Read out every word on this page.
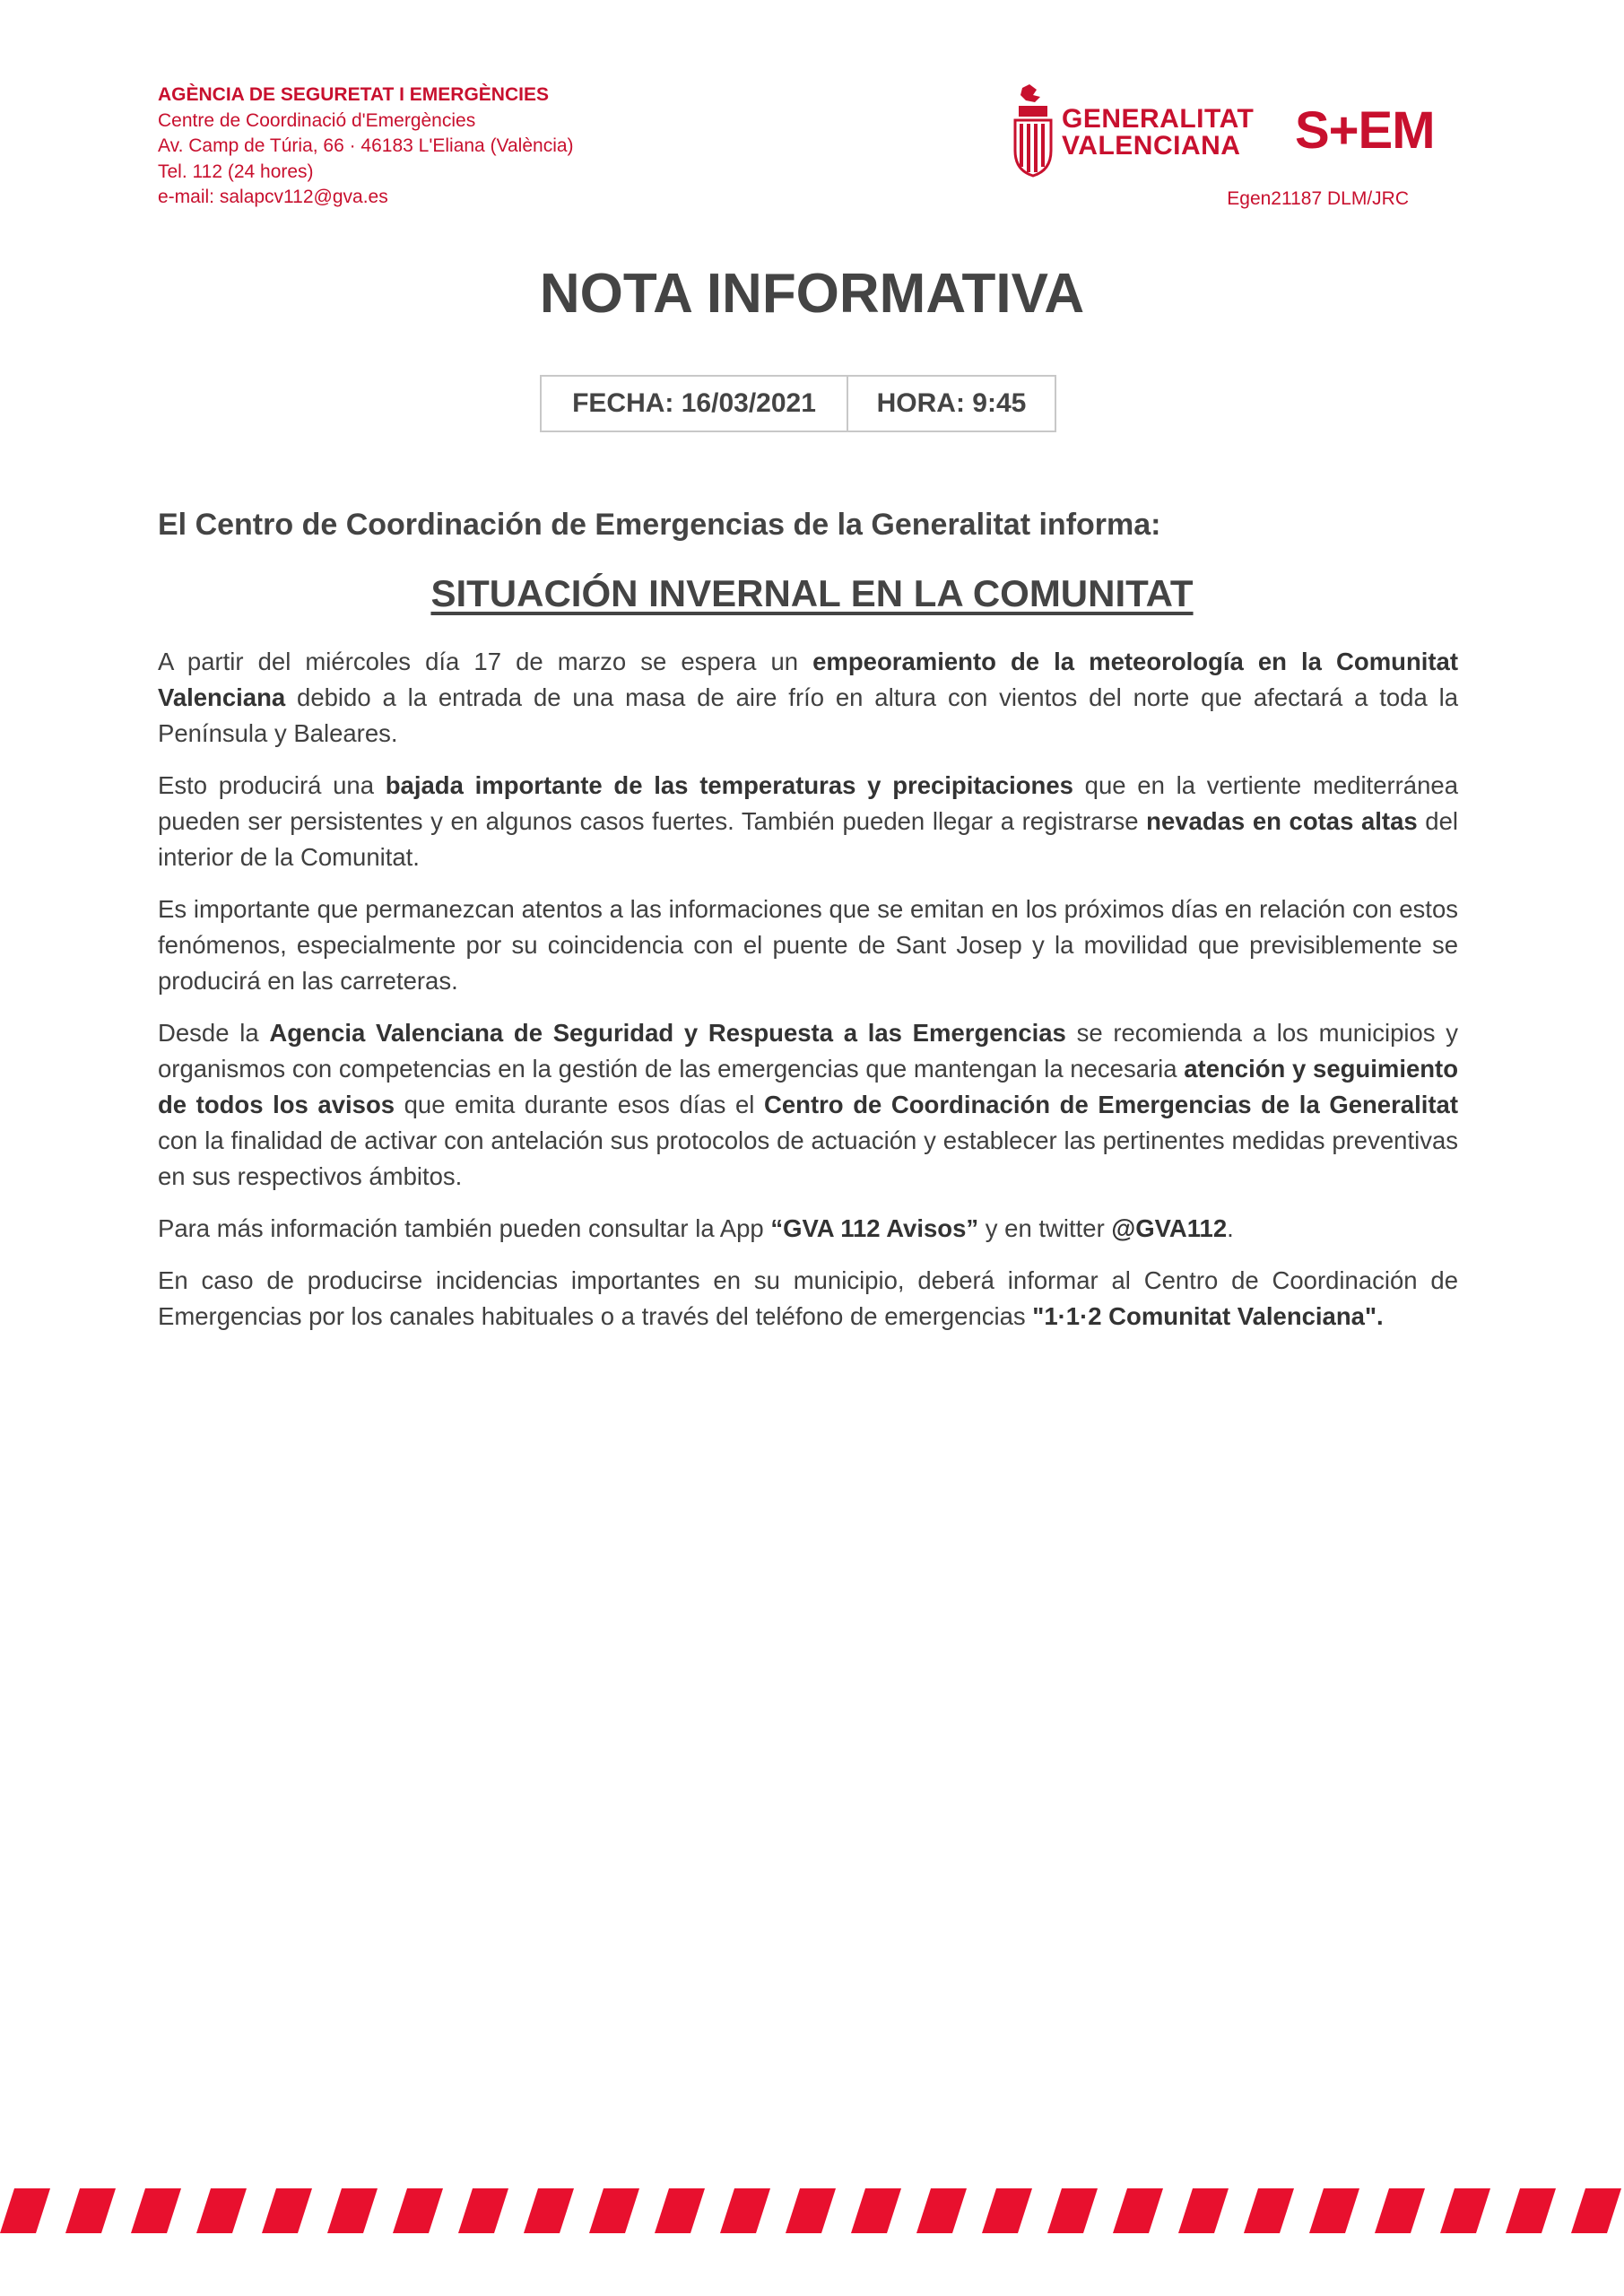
AGÈNCIA DE SEGURETAT I EMERGÈNCIES
Centre de Coordinació d'Emergències
Av. Camp de Túria, 66 · 46183 L'Eliana (València)
Tel. 112 (24 hores)
e-mail: salapcv112@gva.es
GENERALITAT
VALENCIANA S+EM
Egen21187 DLM/JRC
NOTA INFORMATIVA
FECHA: 16/03/2021	HORA: 9:45
El Centro de Coordinación de Emergencias de la Generalitat informa:
SITUACIÓN INVERNAL EN LA COMUNITAT

A partir del miércoles día 17 de marzo se espera un empeoramiento de la meteorología en la Comunitat Valenciana debido a la entrada de una masa de aire frío en altura con vientos del norte que afectará a toda la Península y Baleares.

Esto producirá una bajada importante de las temperaturas y precipitaciones que en la vertiente mediterránea pueden ser persistentes y en algunos casos fuertes. También pueden llegar a registrarse nevadas en cotas altas del interior de la Comunitat.

Es importante que permanezcan atentos a las informaciones que se emitan en los próximos días en relación con estos fenómenos, especialmente por su coincidencia con el puente de Sant Josep y la movilidad que previsiblemente se producirá en las carreteras.

Desde la Agencia Valenciana de Seguridad y Respuesta a las Emergencias se recomienda a los municipios y organismos con competencias en la gestión de las emergencias que mantengan la necesaria atención y seguimiento de todos los avisos que emita durante esos días el Centro de Coordinación de Emergencias de la Generalitat con la finalidad de activar con antelación sus protocolos de actuación y establecer las pertinentes medidas preventivas en sus respectivos ámbitos.

Para más información también pueden consultar la App “GVA 112 Avisos” y en twitter @GVA112.

En caso de producirse incidencias importantes en su municipio, deberá informar al Centro de Coordinación de Emergencias por los canales habituales o a través del teléfono de emergencias "1·1·2 Comunitat Valenciana".
